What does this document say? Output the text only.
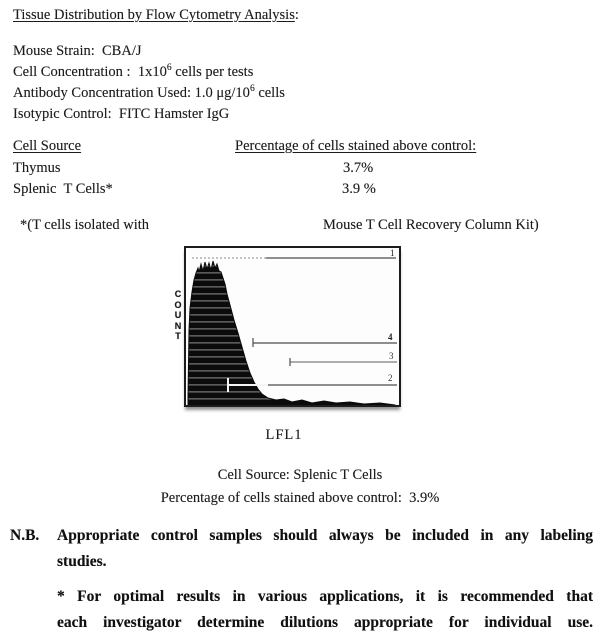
Tissue Distribution by Flow Cytometry Analysis:
Mouse Strain:  CBA/J
Cell Concentration :  $1x10^6$ cells per tests
Antibody Concentration Used: 1.0 $\mu g/10^6$ cells
Isotypic Control:  FITC Hamster IgG
Cell Source	Percentage of cells stained above control:
Thymus	3.7%
Splenic  T Cells*	3.9 %
*(T cells isolated with	Mouse T Cell Recovery Column Kit)
C
O
U
N
T
1
4
3
2
LFL1
Cell Source: Splenic T Cells
Percentage of cells stained above control:  3.9%
N.B. Appropriate control samples should always be included in any labeling
studies.
* For optimal results in various applications, it is recommended that
each investigator determine dilutions appropriate for individual use.
